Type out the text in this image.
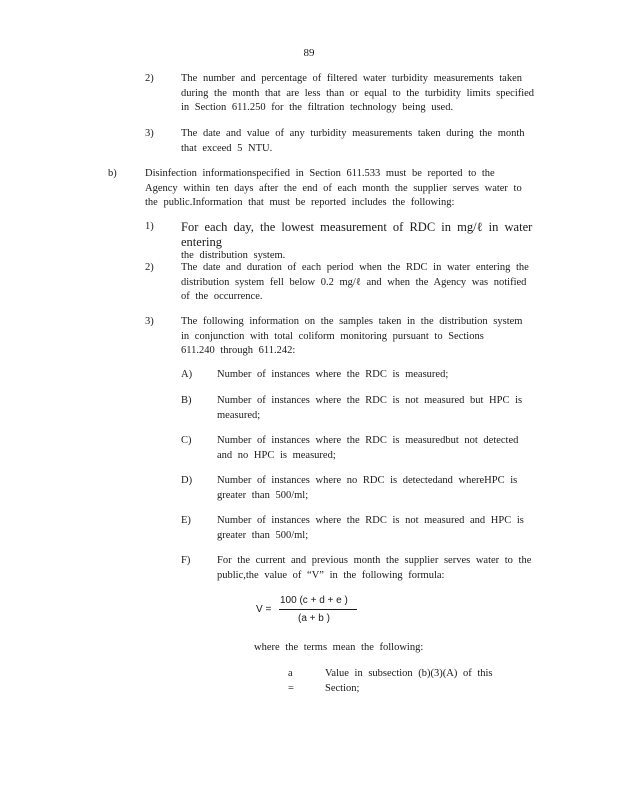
89
2)	The number and percentage of filtered water turbidity measurements taken
during the month that are less than or equal to the turbidity limits specified
in Section 611.250 for the filtration technology being used.
3)	The date and value of any turbidity measurements taken during the month
that exceed 5 NTU.
b)	Disinfection informationspecified in Section 611.533 must be reported to the
Agency within ten days after the end of each month the supplier serves water to
the public.Information that must be reported includes the following:
1) For each day, the lowest measurement of RDC in mg/ℓ in water entering
the distribution system.
2)	The date and duration of each period when the RDC in water entering the
distribution system fell below 0.2 mg/ℓ and when the Agency was notified
of the occurrence.
3)	The following information on the samples taken in the distribution system
in conjunction with total coliform monitoring pursuant to Sections
611.240 through 611.242:
A) Number of instances where the RDC is measured;
B) Number of instances where the RDC is not measured but HPC is
measured;
C) Number of instances where the RDC is measuredbut not detected
and no HPC is measured;
D) Number of instances where no RDC is detectedand whereHPC is
greater than 500/ml;
E) Number of instances where the RDC is not measured and HPC is
greater than 500/ml;
F)	For the current and previous month the supplier serves water to the
public,the value of “V” in the following formula:
V =
100 (c + d + e )
(a + b )
where the terms mean the following:
a =
Value in subsection (b)(3)(A) of this
Section;
